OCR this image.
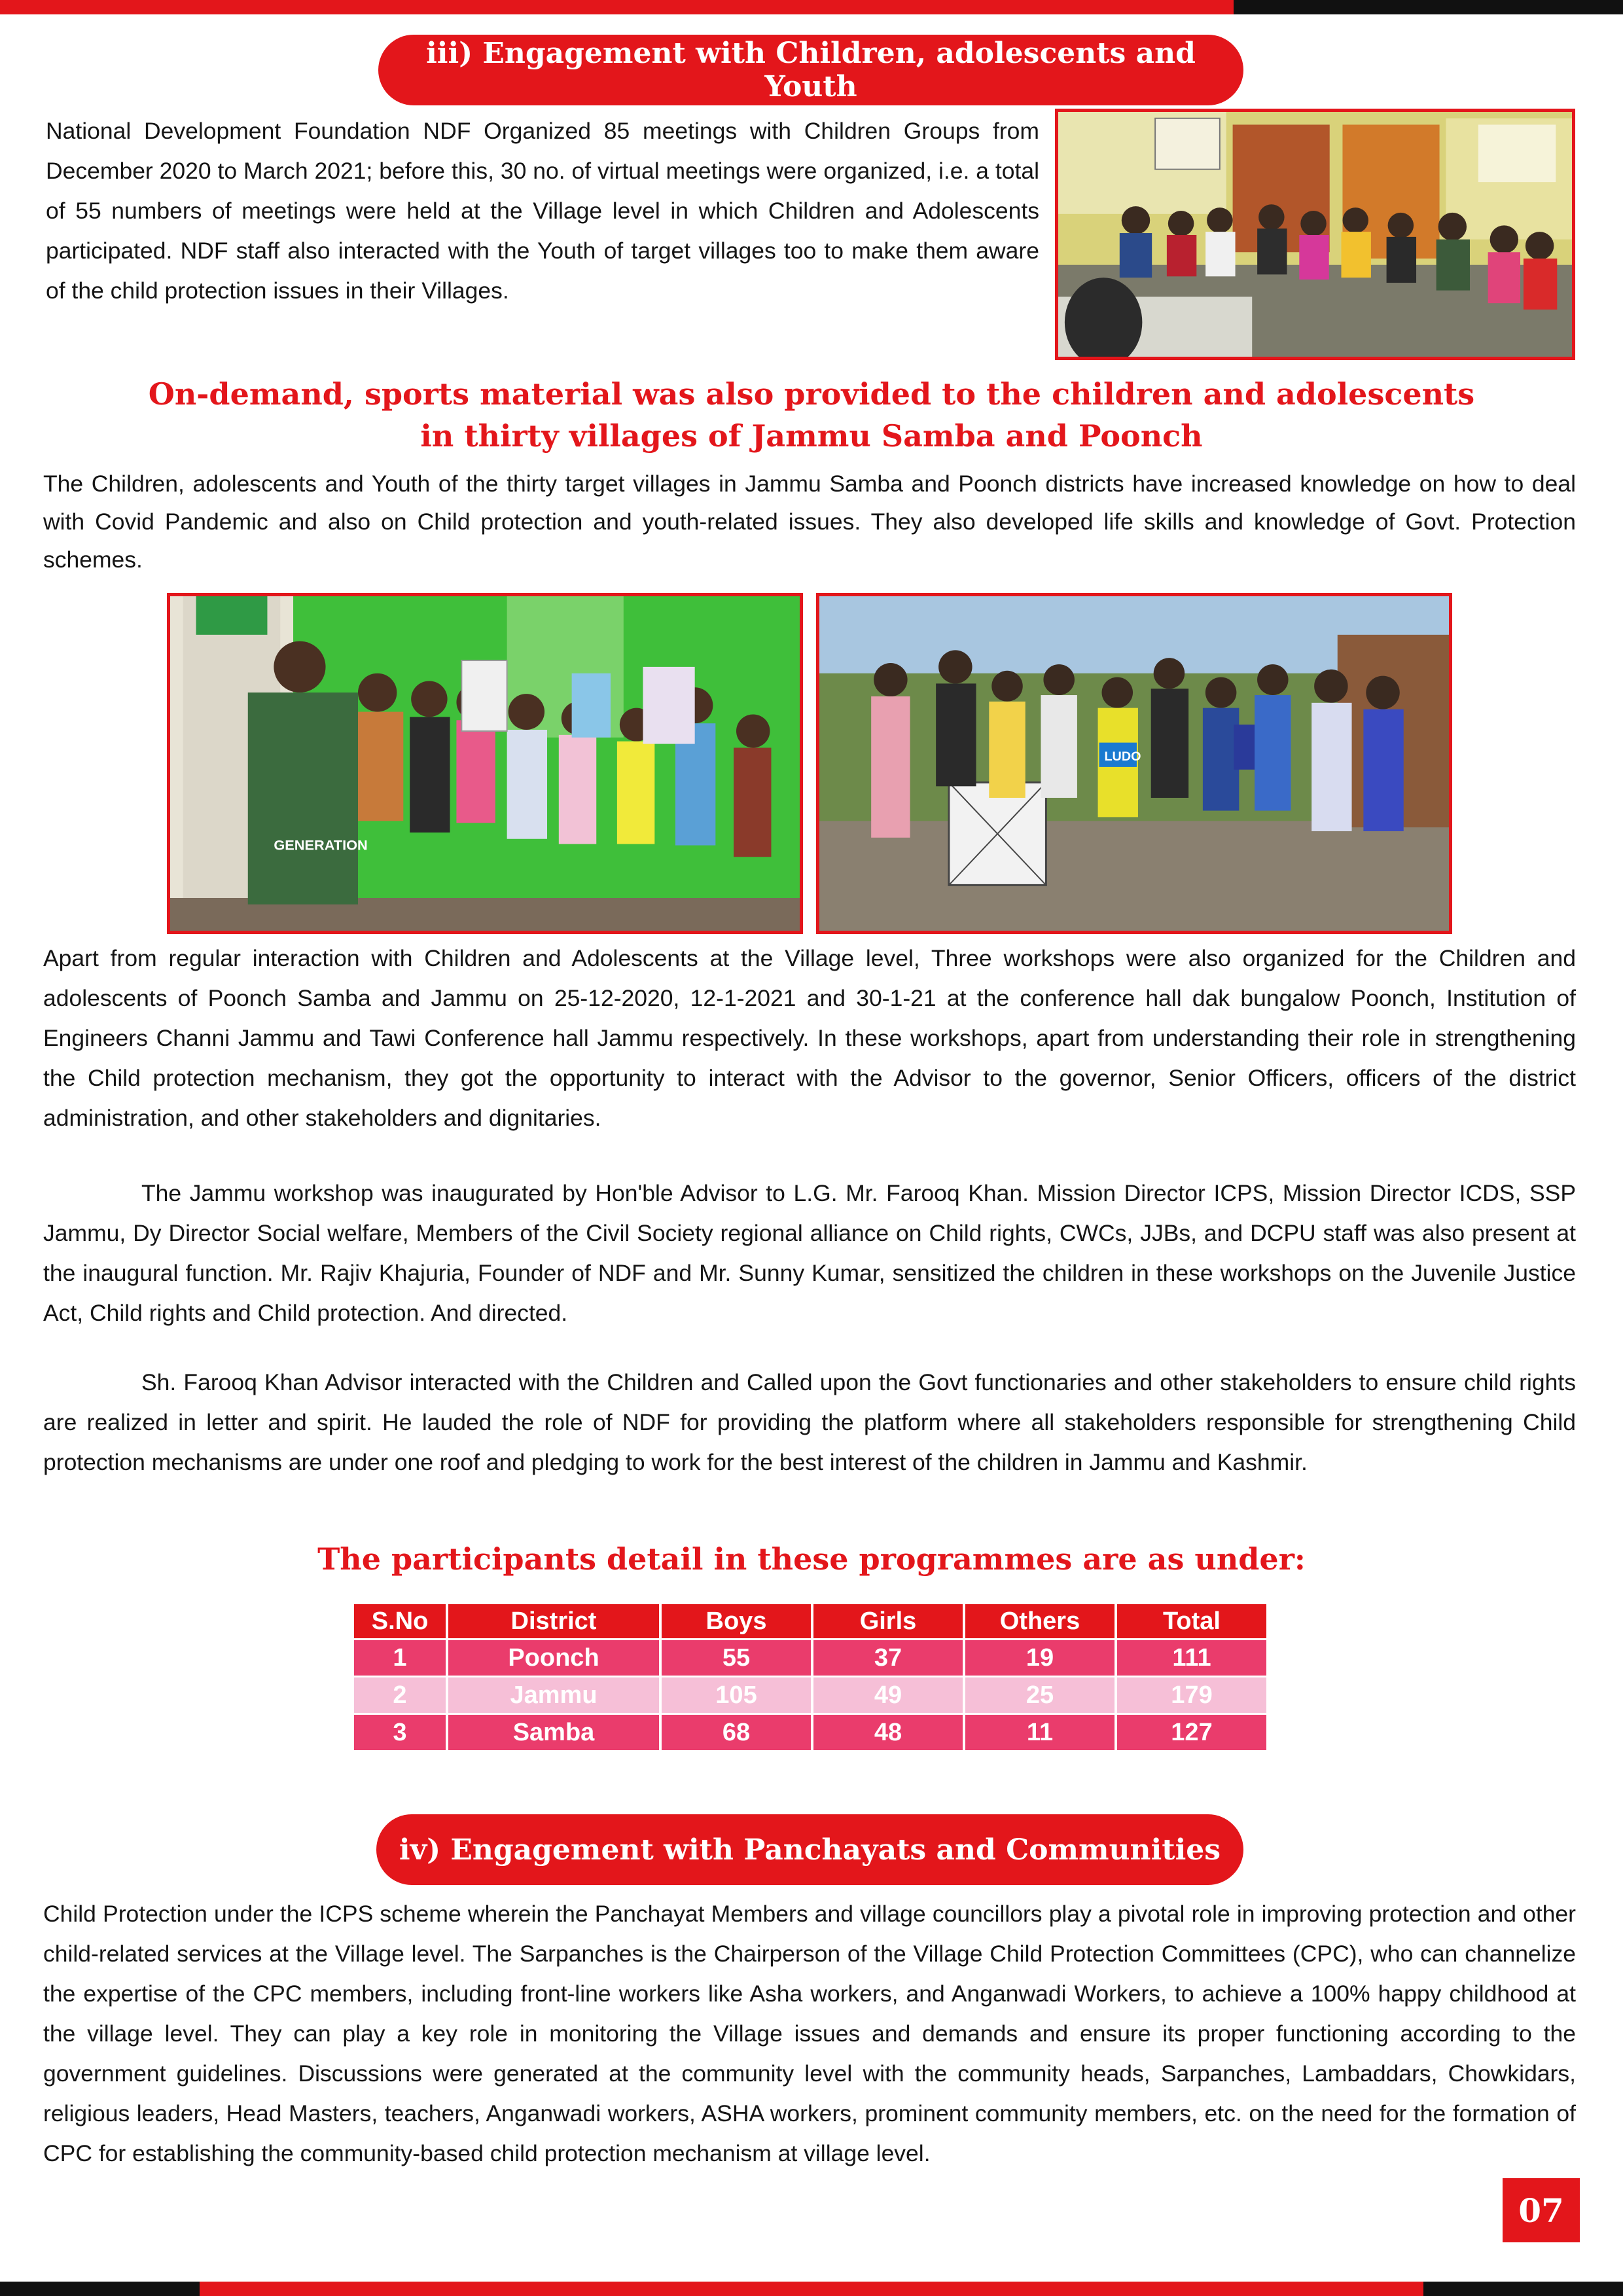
iii) Engagement with Children, adolescents and Youth
National Development Foundation NDF Organized 85 meetings with Children Groups from December 2020 to March 2021; before this, 30 no. of virtual meetings were organized, i.e. a total of 55 numbers of meetings were held at the Village level in which Children and Adolescents participated. NDF staff also interacted with the Youth of target villages too to make them aware of the child protection issues in their Villages.
On-demand, sports material was also provided to the children and adolescents
in thirty villages of Jammu Samba and Poonch
The Children, adolescents and Youth of the thirty target villages in Jammu Samba and Poonch districts have increased knowledge on how to deal with Covid Pandemic and also on Child protection and youth-related issues. They also developed life skills and knowledge of Govt. Protection schemes.
GENERATION
LUDO
Apart from regular interaction with Children and Adolescents at the Village level, Three workshops were also organized for the Children and adolescents of Poonch Samba and Jammu on 25-12-2020, 12-1-2021 and 30-1-21 at the conference hall dak bungalow Poonch, Institution of Engineers Channi Jammu and Tawi Conference hall Jammu respectively. In these workshops, apart from understanding their role in strengthening the Child protection mechanism, they got the opportunity to interact with the Advisor to the governor, Senior Officers, officers of the district administration, and other stakeholders and dignitaries.
The Jammu workshop was inaugurated by Hon'ble Advisor to L.G. Mr. Farooq Khan. Mission Director ICPS, Mission Director ICDS, SSP Jammu, Dy Director Social welfare, Members of the Civil Society regional alliance on Child rights, CWCs, JJBs, and DCPU staff was also present at the inaugural function. Mr. Rajiv Khajuria, Founder of NDF and Mr. Sunny Kumar, sensitized the children in these workshops on the Juvenile Justice Act, Child rights and Child protection. And directed.
Sh. Farooq Khan Advisor interacted with the Children and Called upon the Govt functionaries and other stakeholders to ensure child rights are realized in letter and spirit. He lauded the role of NDF for providing the platform where all stakeholders responsible for strengthening Child protection mechanisms are under one roof and pledging to work for the best interest of the children in Jammu and Kashmir.
The participants detail in these programmes are as under:
S.No	District	Boys	Girls	Others	Total
1	Poonch	55	37	19	111
2	Jammu	105	49	25	179
3	Samba	68	48	11	127
iv) Engagement with Panchayats and Communities
Child Protection under the ICPS scheme wherein the Panchayat Members and village councillors play a pivotal role in improving protection and other child-related services at the Village level. The Sarpanches is the Chairperson of the Village Child Protection Committees (CPC), who can channelize the expertise of the CPC members, including front-line workers like Asha workers, and Anganwadi Workers, to achieve a 100% happy childhood at the village level. They can play a key role in monitoring the Village issues and demands and ensure its proper functioning according to the government guidelines. Discussions were generated at the community level with the community heads, Sarpanches, Lambaddars, Chowkidars, religious leaders, Head Masters, teachers, Anganwadi workers, ASHA workers, prominent community members, etc. on the need for the formation of CPC for establishing the community-based child protection mechanism at village level.
07
